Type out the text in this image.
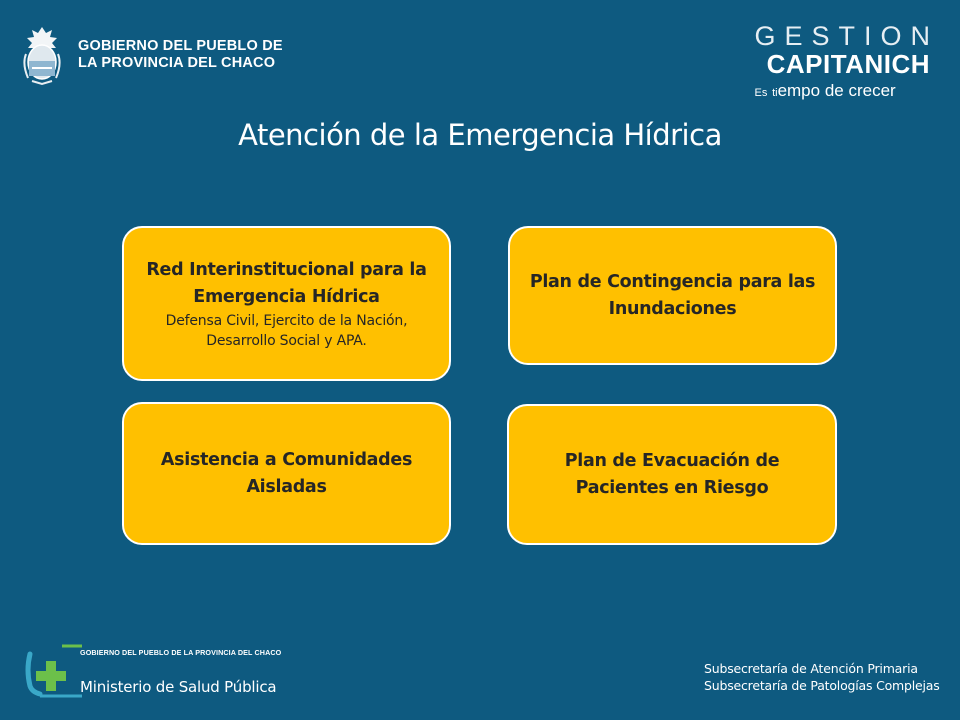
GOBIERNO DEL PUEBLO DE
LA PROVINCIA DEL CHACO
GESTION
CAPITANICH
Es tiempo de crecer
Atención de la Emergencia Hídrica
Red Interinstitucional para la Emergencia Hídrica
Defensa Civil, Ejercito de la Nación, Desarrollo Social y APA.
Plan de Contingencia para las Inundaciones
Asistencia a Comunidades Aisladas
Plan de Evacuación de Pacientes en Riesgo
GOBIERNO DEL PUEBLO DE LA PROVINCIA DEL CHACO
Ministerio de Salud Pública
Subsecretaría de Atención Primaria
Subsecretaría de Patologías Complejas
